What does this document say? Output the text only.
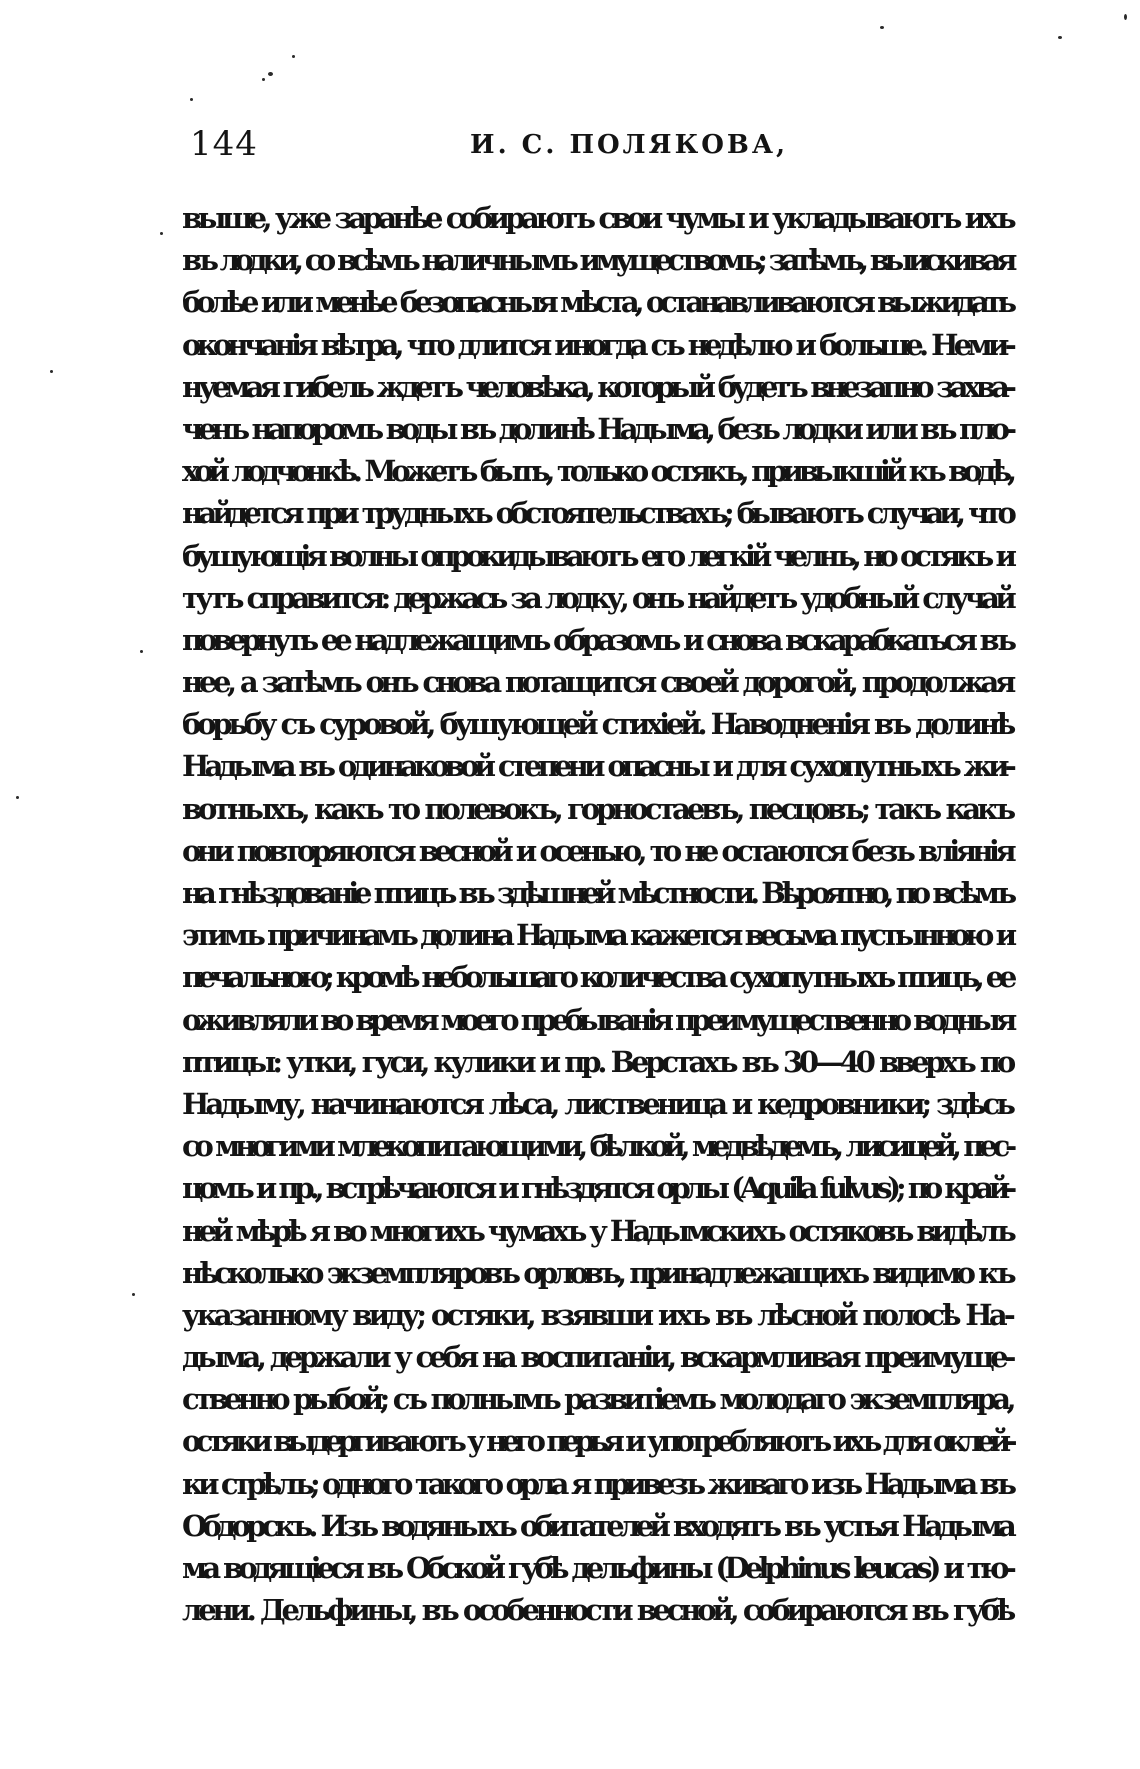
144	И. С. ПОЛЯКОВА,
выше, уже заранѣе собираютъ свои чумы и укладываютъ ихъ
въ лодки, со всѣмъ наличнымъ имуществомъ; затѣмъ, выискивая
болѣе или менѣе безопасныя мѣста, останавливаются выжидать
окончанія вѣтра, что длится иногда съ недѣлю и больше. Неми-
нуемая гибель ждетъ человѣка, который будетъ внезапно захва-
ченъ напоромъ воды въ долинѣ Надыма, безъ лодки или въ пло-
хой лодчонкѣ. Можетъ быть, только остякъ, привыкшій къ водѣ,
найдется при трудныхъ обстоятельствахъ; бываютъ случаи, что
бушующія волны опрокидываютъ его легкій челнъ, но остякъ и
тутъ справится: держась за лодку, онъ найдетъ удобный случай
повернуть ее надлежащимъ образомъ и снова вскарабкаться въ
нее, а затѣмъ онъ снова потащится своей дорогой, продолжая
борьбу съ суровой, бушующей стихіей. Наводненія въ долинѣ
Надыма въ одинаковой степени опасны и для сухопутныхъ жи-
вотныхъ, какъ то полевокъ, горностаевъ, песцовъ; такъ какъ
они повторяются весной и осенью, то не остаются безъ вліянія
на гнѣздованіе птицъ въ здѣшней мѣстности. Вѣроятно, по всѣмъ
этимъ причинамъ долина Надыма кажется весьма пустынною и
печальною; кромѣ небольшаго количества сухопутныхъ птицъ, ее
оживляли во время моего пребыванія преимущественно водныя
птицы: утки, гуси, кулики и пр. Верстахъ въ 30—40 вверхъ по
Надыму, начинаются лѣса, лиственица и кедровники; здѣсь
со многими млекопитающими, бѣлкой, медвѣдемъ, лисицей, пес-
цомъ и пр., встрѣчаются и гнѣздятся орлы (Aquila fulvus); по край-
ней мѣрѣ я во многихъ чумахъ у Надымскихъ остяковъ видѣлъ
нѣсколько экземпляровъ орловъ, принадлежащихъ видимо къ
указанному виду; остяки, взявши ихъ въ лѣсной полосѣ На-
дыма, держали у себя на воспитаніи, вскармливая преимуще-
ственно рыбой; съ полнымъ развитіемъ молодаго экземпляра,
остяки выдергиваютъ у него перья и употребляютъ ихъ для оклей-
ки стрѣлъ; одного такого орла я привезъ живаго изъ Надыма въ
Обдорскъ. Изъ водяныхъ обитателей входятъ въ устья Надыма
ма водящіеся въ Обской губѣ дельфины (Delphinus leucas) и тю-
лени. Дельфины, въ особенности весной, собираются въ губѣ
